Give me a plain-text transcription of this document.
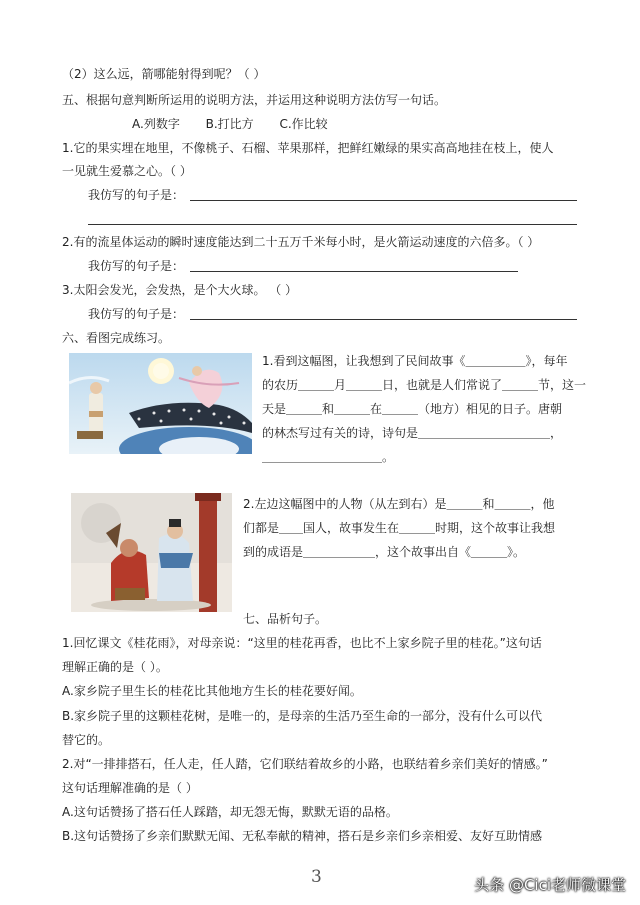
（2）这么远，箭哪能射得到呢？（ ）
五、根据句意判断所运用的说明方法，并运用这种说明方法仿写一句话。
A.列数字 B.打比方 C.作比较
1.它的果实埋在地里，不像桃子、石榴、苹果那样，把鲜红嫩绿的果实高高地挂在枝上，使人
一见就生爱慕之心。（ ）
我仿写的句子是：
2.有的流星体运动的瞬时速度能达到二十五万千米每小时，是火箭运动速度的六倍多。（ ）
我仿写的句子是：
3.太阳会发光，会发热，是个大火球。 （ ）
我仿写的句子是：
六、看图完成练习。
1.看到这幅图，让我想到了民间故事《＿＿＿＿＿》，每年
的农历＿＿＿月＿＿＿日，也就是人们常说了＿＿＿节，这一
天是＿＿＿和＿＿＿在＿＿＿（地方）相见的日子。唐朝
的林杰写过有关的诗，诗句是＿＿＿＿＿＿＿＿＿＿＿，
＿＿＿＿＿＿＿＿＿＿。
2.左边这幅图中的人物（从左到右）是＿＿＿和＿＿＿，他
们都是＿＿国人，故事发生在＿＿＿时期，这个故事让我想
到的成语是＿＿＿＿＿＿，这个故事出自《＿＿＿》。
七、品析句子。
1.回忆课文《桂花雨》，对母亲说：“这里的桂花再香，也比不上家乡院子里的桂花。”这句话
理解正确的是（ ）。
A.家乡院子里生长的桂花比其他地方生长的桂花要好闻。
B.家乡院子里的这颗桂花树，是唯一的，是母亲的生活乃至生命的一部分，没有什么可以代
替它的。
2.对“一排排搭石，任人走，任人踏，它们联结着故乡的小路，也联结着乡亲们美好的情感。”
这句话理解准确的是（ ）
A.这句话赞扬了搭石任人踩踏，却无怨无悔，默默无语的品格。
B.这句话赞扬了乡亲们默默无闻、无私奉献的精神，搭石是乡亲们乡亲相爱、友好互助情感
3	头条 @Cici老师微课堂
